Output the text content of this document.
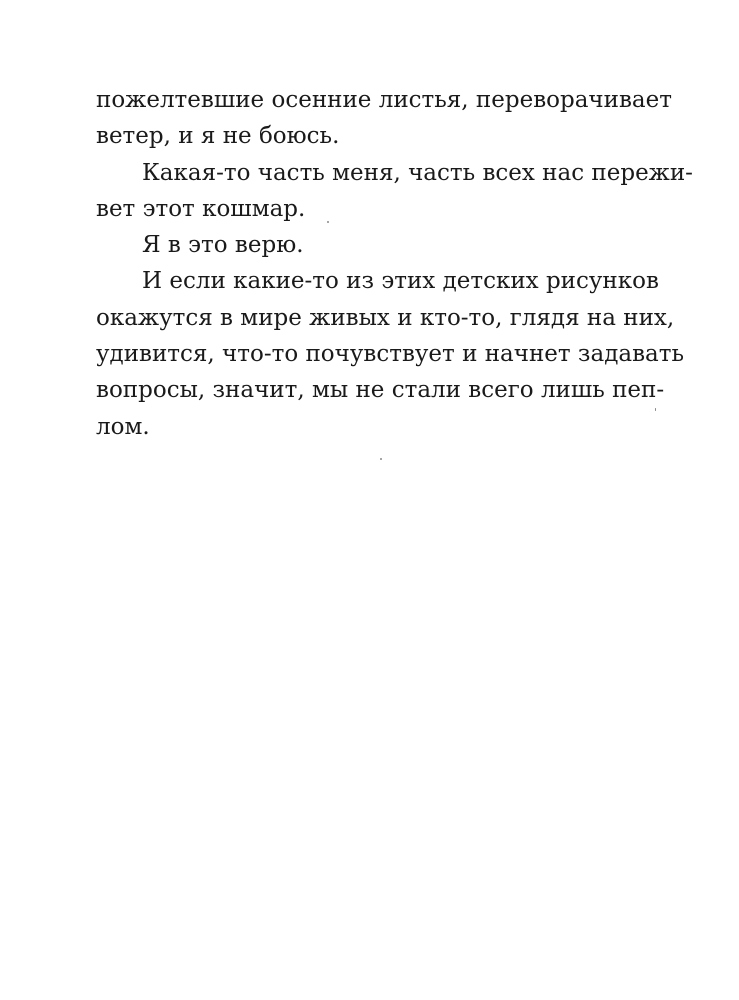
пожелтевшие осенние листья, переворачивает
ветер, и я не боюсь.
Какая-то часть меня, часть всех нас пережи-
вет этот кошмар.
Я в это верю.
И если какие-то из этих детских рисунков
окажутся в мире живых и кто-то, глядя на них,
удивится, что-то почувствует и начнет задавать
вопросы, значит, мы не стали всего лишь пеп-
лом.
